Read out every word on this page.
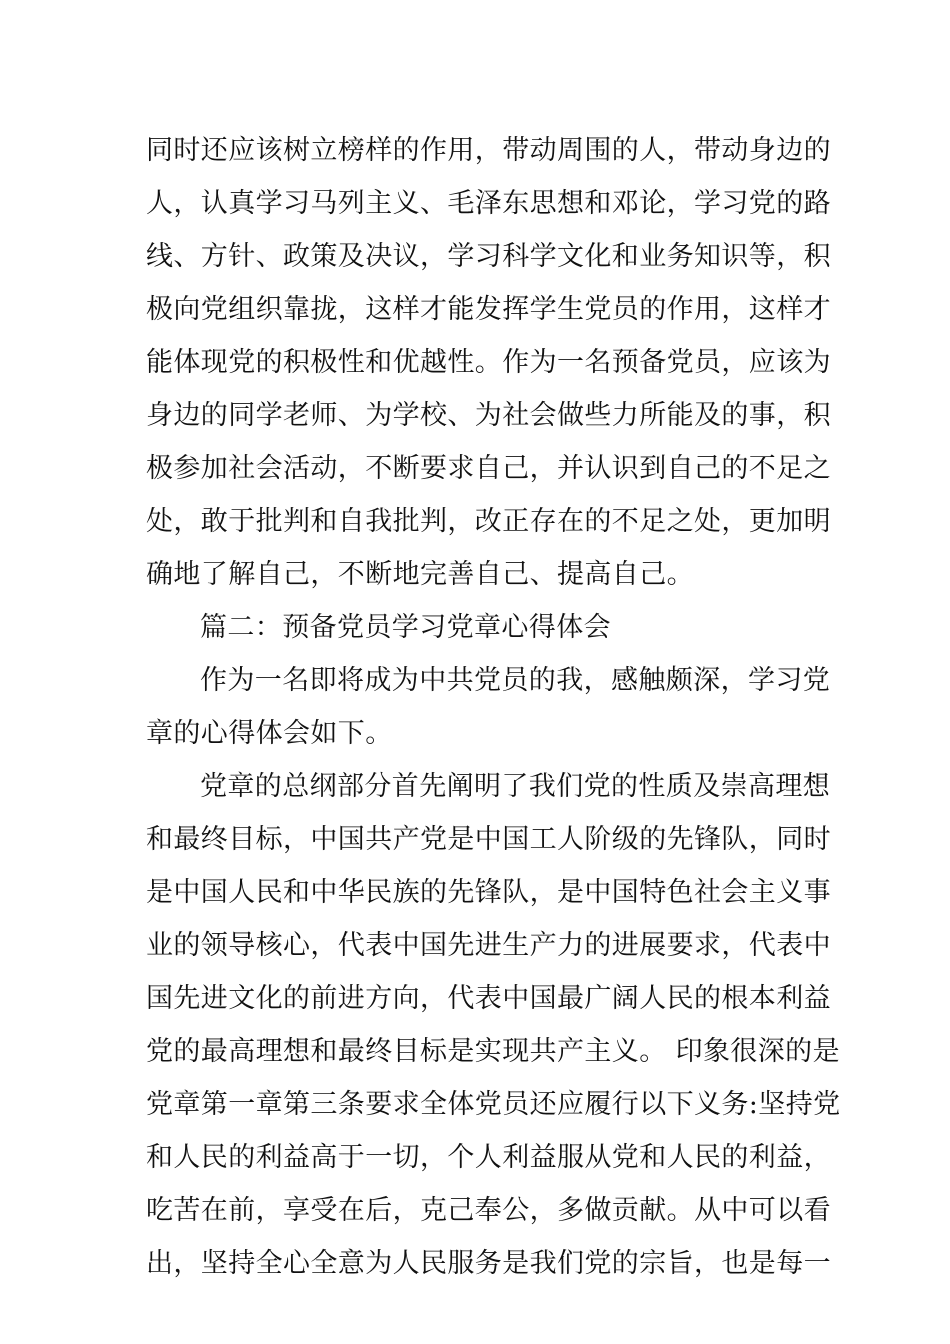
同时还应该树立榜样的作用，带动周围的人，带动身边的
人，认真学习马列主义、毛泽东思想和邓论，学习党的路
线、方针、政策及决议，学习科学文化和业务知识等，积
极向党组织靠拢，这样才能发挥学生党员的作用，这样才
能体现党的积极性和优越性。作为一名预备党员，应该为
身边的同学老师、为学校、为社会做些力所能及的事，积
极参加社会活动，不断要求自己，并认识到自己的不足之
处，敢于批判和自我批判，改正存在的不足之处，更加明
确地了解自己，不断地完善自己、提高自己。
篇二：预备党员学习党章心得体会
作为一名即将成为中共党员的我，感触颇深，学习党
章的心得体会如下。
党章的总纲部分首先阐明了我们党的性质及崇高理想
和最终目标，中国共产党是中国工人阶级的先锋队，同时
是中国人民和中华民族的先锋队，是中国特色社会主义事
业的领导核心，代表中国先进生产力的进展要求，代表中
国先进文化的前进方向，代表中国最广阔人民的根本利益
党的最高理想和最终目标是实现共产主义。 印象很深的是
党章第一章第三条要求全体党员还应履行以下义务:坚持党
和人民的利益高于一切，个人利益服从党和人民的利益，
吃苦在前，享受在后，克己奉公，多做贡献。从中可以看
出，坚持全心全意为人民服务是我们党的宗旨，也是每一
